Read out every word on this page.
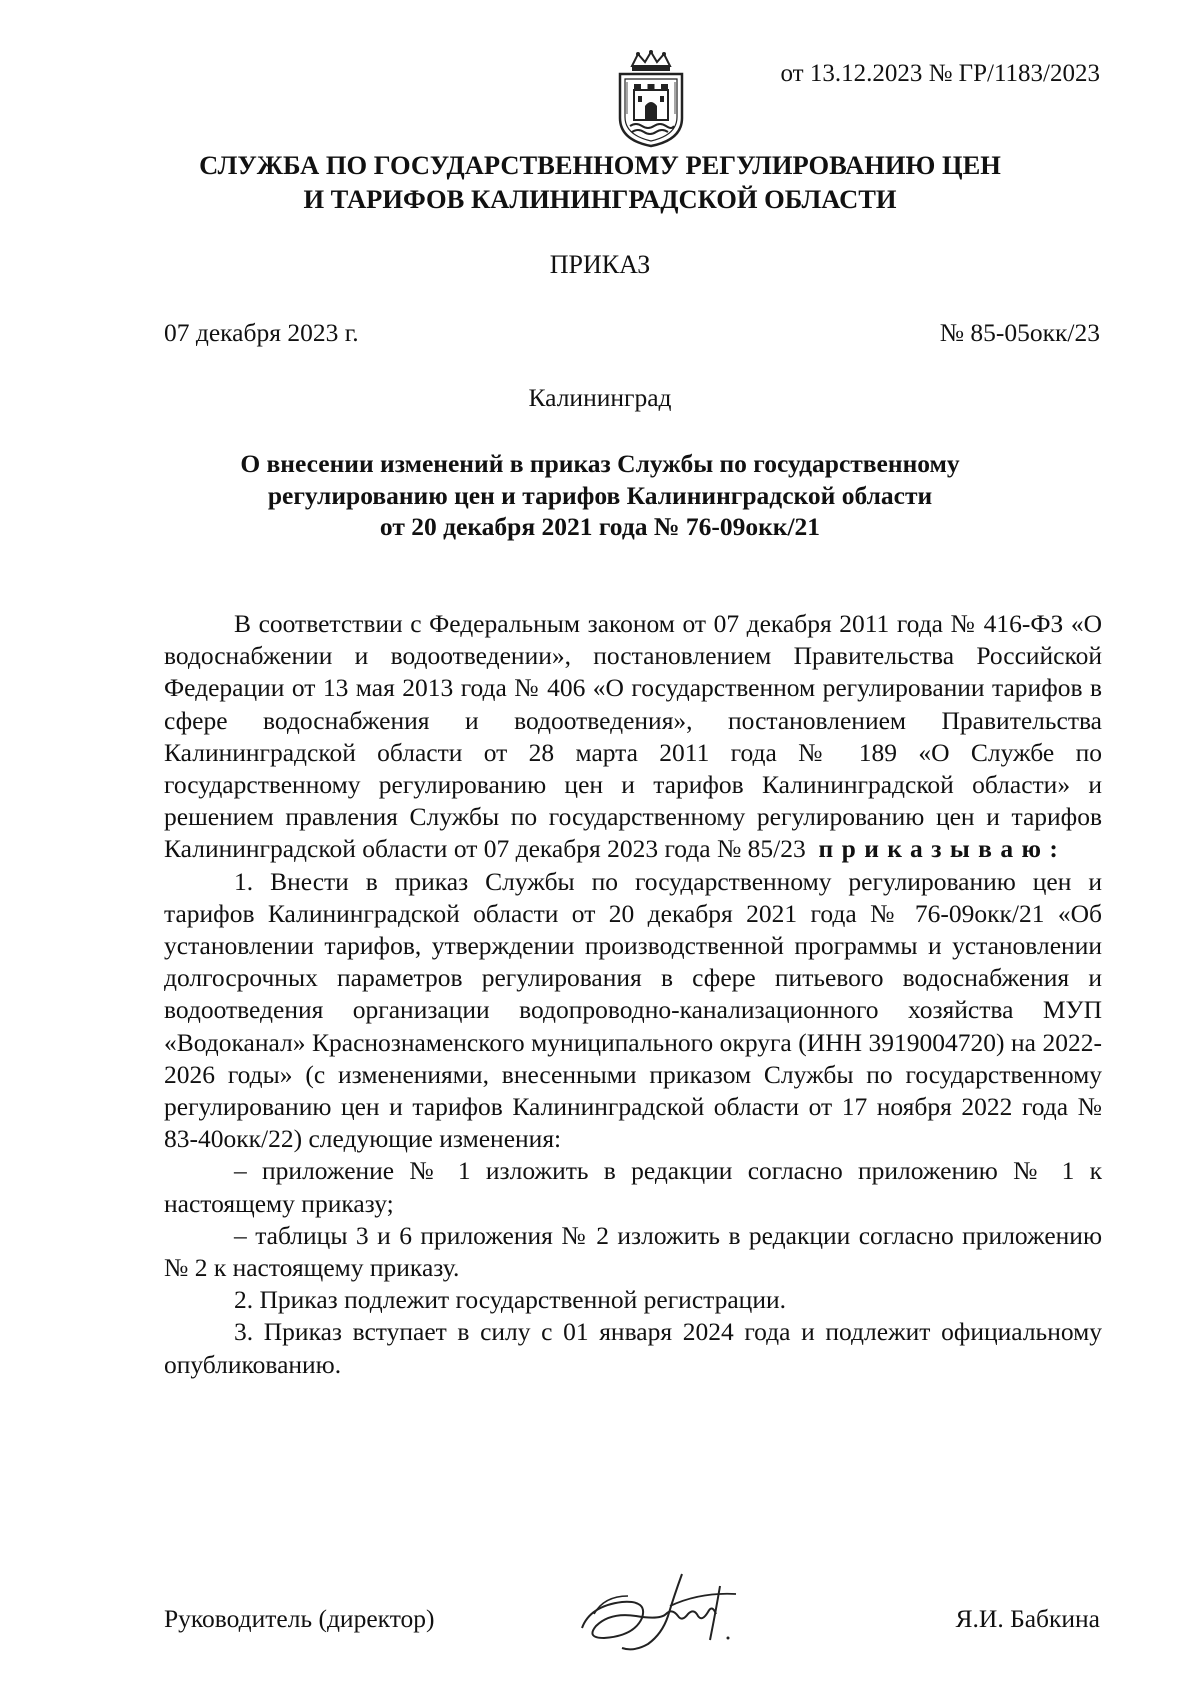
от 13.12.2023 № ГР/1183/2023
СЛУЖБА ПО ГОСУДАРСТВЕННОМУ РЕГУЛИРОВАНИЮ ЦЕН
И ТАРИФОВ КАЛИНИНГРАДСКОЙ ОБЛАСТИ
ПРИКАЗ
07 декабря 2023 г.	№ 85-05окк/23
Калининград
О внесении изменений в приказ Службы по государственному
регулированию цен и тарифов Калининградской области
от 20 декабря 2021 года № 76-09окк/21

В соответствии с Федеральным законом от 07 декабря 2011 года № 416-ФЗ «О водоснабжении и водоотведении», постановлением Правительства Российской Федерации от 13 мая 2013 года № 406 «О государственном регулировании тарифов в сфере водоснабжения и водоотведения», постановлением Правительства Калининградской области от 28 марта 2011 года № 189 «О Службе по государственному регулированию цен и тарифов Калининградской области» и решением правления Службы по государственному регулированию цен и тарифов Калининградской области от 07 декабря 2023 года № 85/23 приказываю:

1. Внести в приказ Службы по государственному регулированию цен и тарифов Калининградской области от 20 декабря 2021 года № 76-09окк/21 «Об установлении тарифов, утверждении производственной программы и установлении долгосрочных параметров регулирования в сфере питьевого водоснабжения и водоотведения организации водопроводно-канализационного хозяйства МУП «Водоканал» Краснознаменского муниципального округа (ИНН 3919004720) на 2022-2026 годы» (с изменениями, внесенными приказом Службы по государственному регулированию цен и тарифов Калининградской области от 17 ноября 2022 года № 83-40окк/22) следующие изменения:

– приложение № 1 изложить в редакции согласно приложению № 1 к настоящему приказу;

– таблицы 3 и 6 приложения № 2 изложить в редакции согласно приложению № 2 к настоящему приказу.

2. Приказ подлежит государственной регистрации.

3. Приказ вступает в силу с 01 января 2024 года и подлежит официальному опубликованию.

Руководитель (директор)	Я.И. Бабкина
